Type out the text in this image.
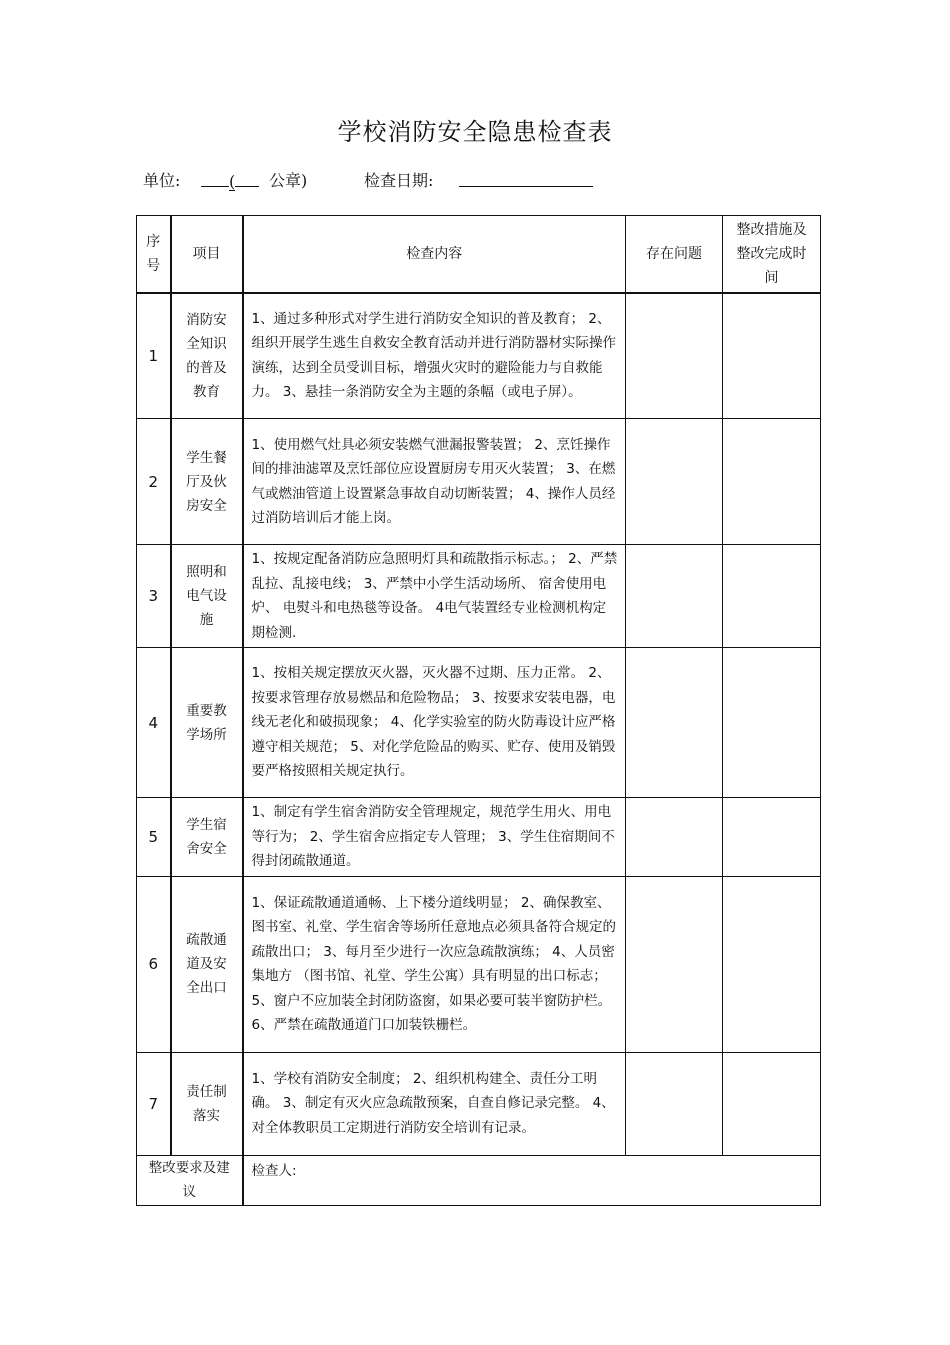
学校消防安全隐患检查表
单位:	(	公章)	检查日期:
序号	项目	检查内容	存在问题	整改措施及整改完成时间
1	消防安全知识的普及教育	1、通过多种形式对学生进行消防安全知识的普及教育； 2、组织开展学生逃生自救安全教育活动并进行消防器材实际操作演练，达到全员受训目标，增强火灾时的避险能力与自救能力。 3、悬挂一条消防安全为主题的条幅（或电子屏）。		

2	学生餐厅及伙房安全	1、使用燃气灶具必须安装燃气泄漏报警装置； 2、烹饪操作间的排油滤罩及烹饪部位应设置厨房专用灭火装置； 3、在燃气或燃油管道上设置紧急事故自动切断装置； 4、操作人员经过消防培训后才能上岗。		

3	照明和电气设施	1、按规定配备消防应急照明灯具和疏散指示标志。； 2、严禁乱拉、乱接电线； 3、严禁中小学生活动场所、 宿舍使用电炉、 电熨斗和电热毯等设备。 4电气装置经专业检测机构定期检测.		

4	重要教学场所	1、按相关规定摆放灭火器，灭火器不过期、压力正常。 2、按要求管理存放易燃品和危险物品； 3、按要求安装电器，电线无老化和破损现象； 4、化学实验室的防火防毒设计应严格遵守相关规范； 5、对化学危险品的购买、贮存、使用及销毁要严格按照相关规定执行。		

5	学生宿舍安全	1、制定有学生宿舍消防安全管理规定，规范学生用火、用电等行为； 2、学生宿舍应指定专人管理； 3、学生住宿期间不得封闭疏散通道。		

6	疏散通道及安全出口	1、保证疏散通道通畅、上下楼分道线明显； 2、确保教室、图书室、礼堂、学生宿舍等场所任意地点必须具备符合规定的疏散出口； 3、每月至少进行一次应急疏散演练； 4、人员密集地方 （图书馆、礼堂、学生公寓）具有明显的出口标志； 5、窗户不应加装全封闭防盗窗，如果必要可装半窗防护栏。 6、严禁在疏散通道门口加装铁栅栏。		

7	责任制落实	1、学校有消防安全制度； 2、组织机构建全、责任分工明确。 3、制定有灭火应急疏散预案，自查自修记录完整。 4、对全体教职员工定期进行消防安全培训有记录。		

整改要求及建议		检查人:		
